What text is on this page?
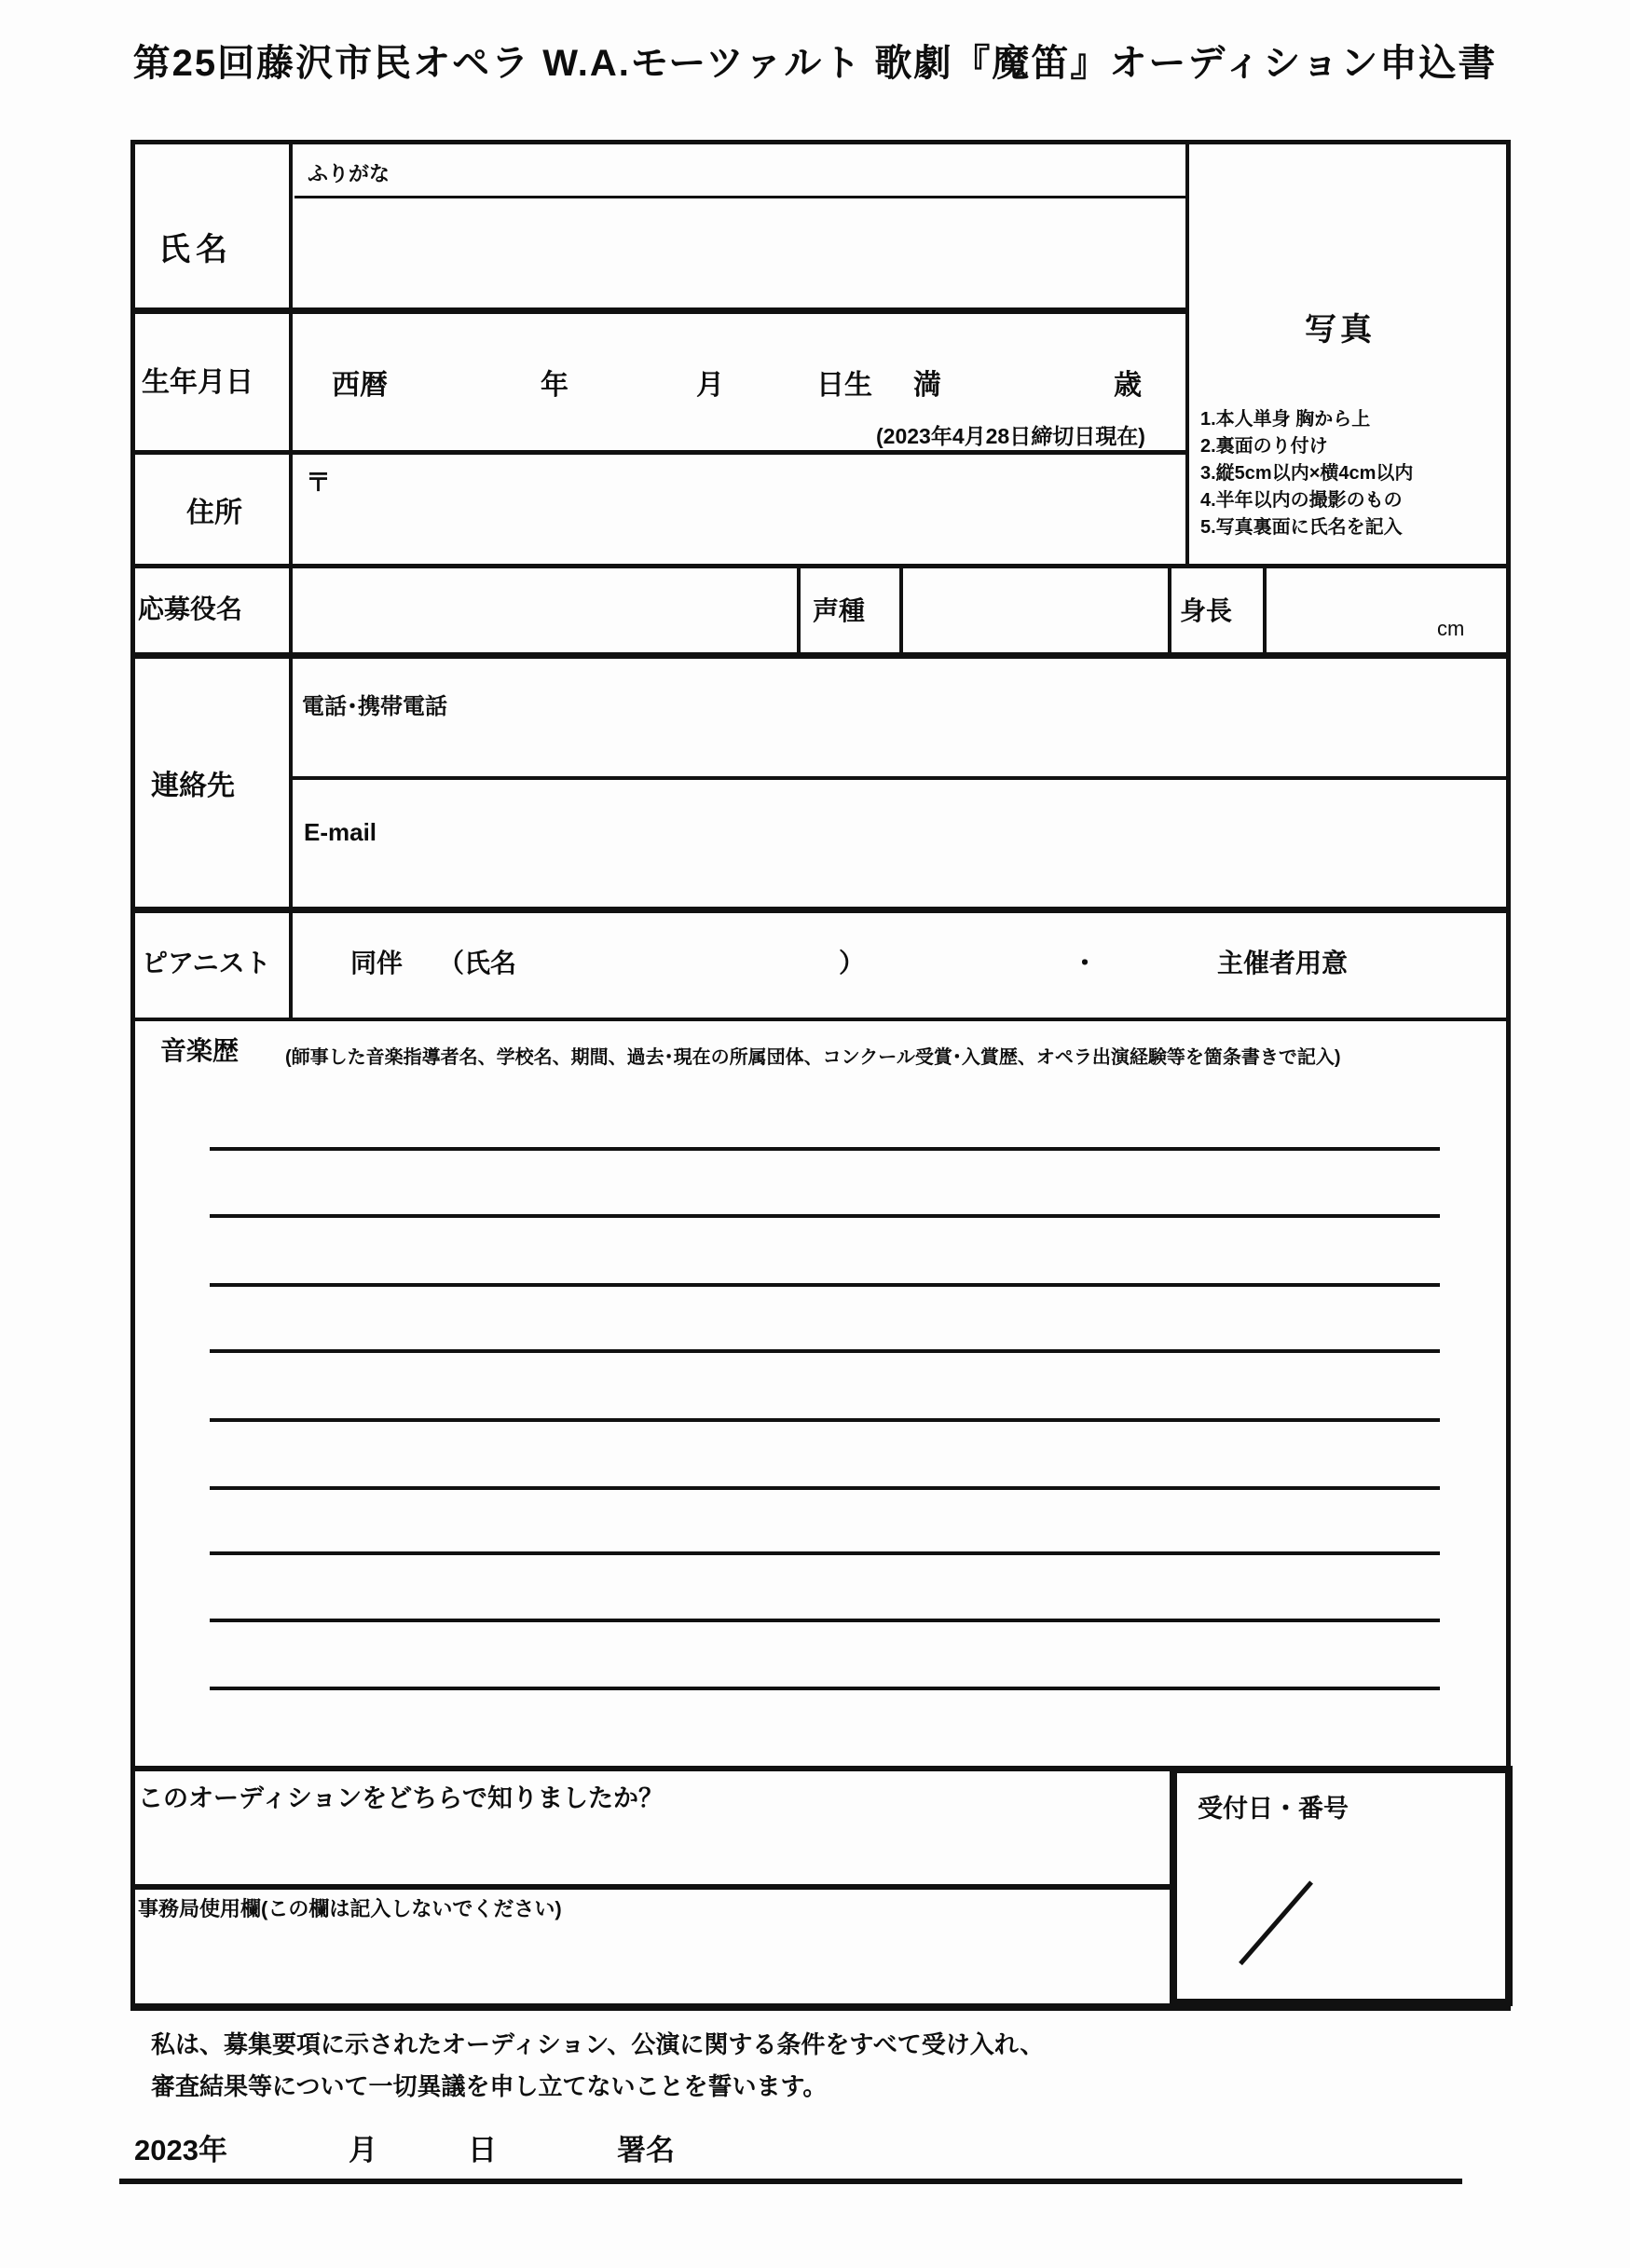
第25回藤沢市民オペラ W.A.モーツァルト 歌劇『魔笛』オーディション申込書
氏名
ふりがな
生年月日	西暦	年	月	日生 満	歳
(2023年4月28日締切日現在)
住所
〒
写真
1.本人単身 胸から上
2.裏面のり付け
3.縦5cm以内×横4cm以内
4.半年以内の撮影のもの
5.写真裏面に氏名を記入
応募役名	声種	身長
cm
連絡先
電話･携帯電話
E-mail
ピアニスト	同伴 （氏名	）	・	主催者用意
音楽歴 (師事した音楽指導者名、学校名、期間、過去･現在の所属団体、コンクール受賞･入賞歴、オペラ出演経験等を箇条書きで記入)
このオーディションをどちらで知りましたか？
事務局使用欄(この欄は記入しないでください)
受付日・番号
私は、募集要項に示されたオーディション、公演に関する条件をすべて受け入れ、
審査結果等について一切異議を申し立てないことを誓います。
2023年	月	日	署名
